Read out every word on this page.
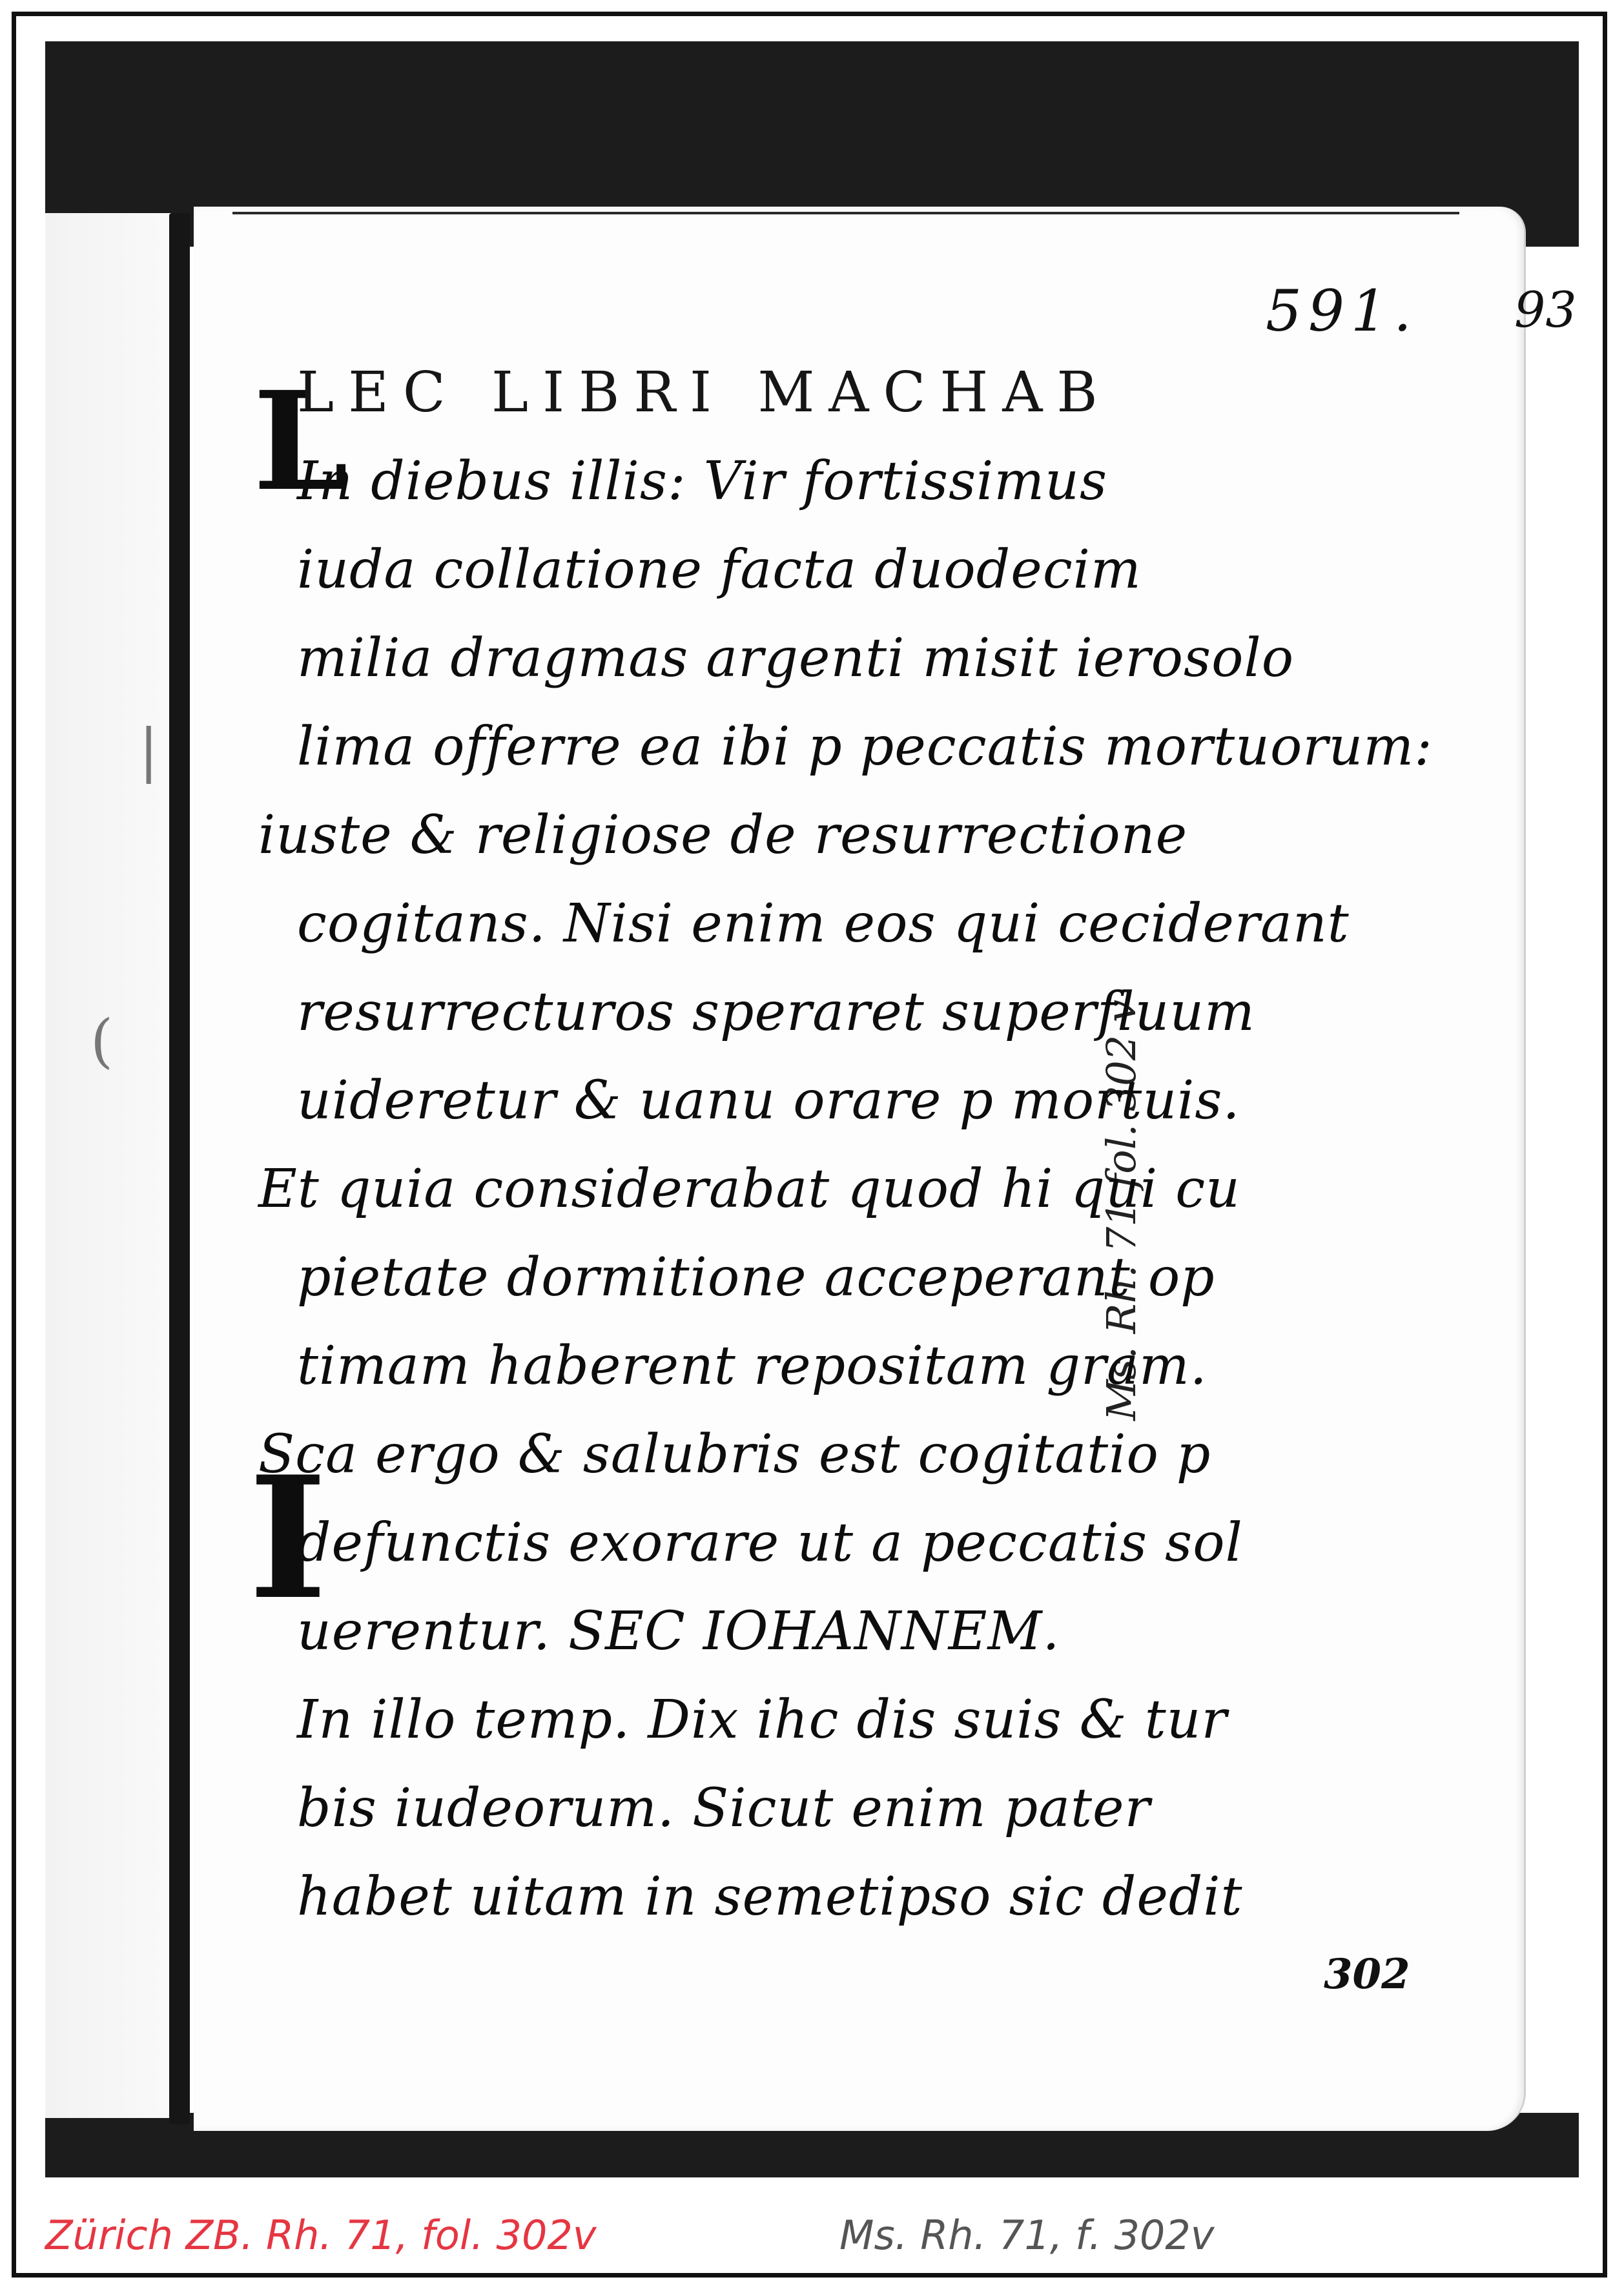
|
(
591. 93
302
Ms. Rh. 71 fol. 302 v
L
I
LEC LIBRI MACHAB
In diebus illis: Vir fortissimus
iuda collatione facta duodecim
milia dragmas argenti misit ierosolo
lima offerre ea ibi p peccatis mortuorum:
iuste & religiose de resurrectione
cogitans. Nisi enim eos qui ceciderant
resurrecturos speraret superfluum
uideretur & uanu orare p mortuis.
Et quia considerabat quod hi qui cu
pietate dormitione acceperant op
timam haberent repositam gram.
Sca ergo & salubris est cogitatio p
defunctis exorare ut a peccatis sol
uerentur. SEC IOHANNEM.
In illo temp. Dix ihc dis suis & tur
bis iudeorum. Sicut enim pater
habet uitam in semetipso sic dedit
Zürich ZB. Rh. 71, fol. 302v	Ms. Rh. 71, f. 302v
